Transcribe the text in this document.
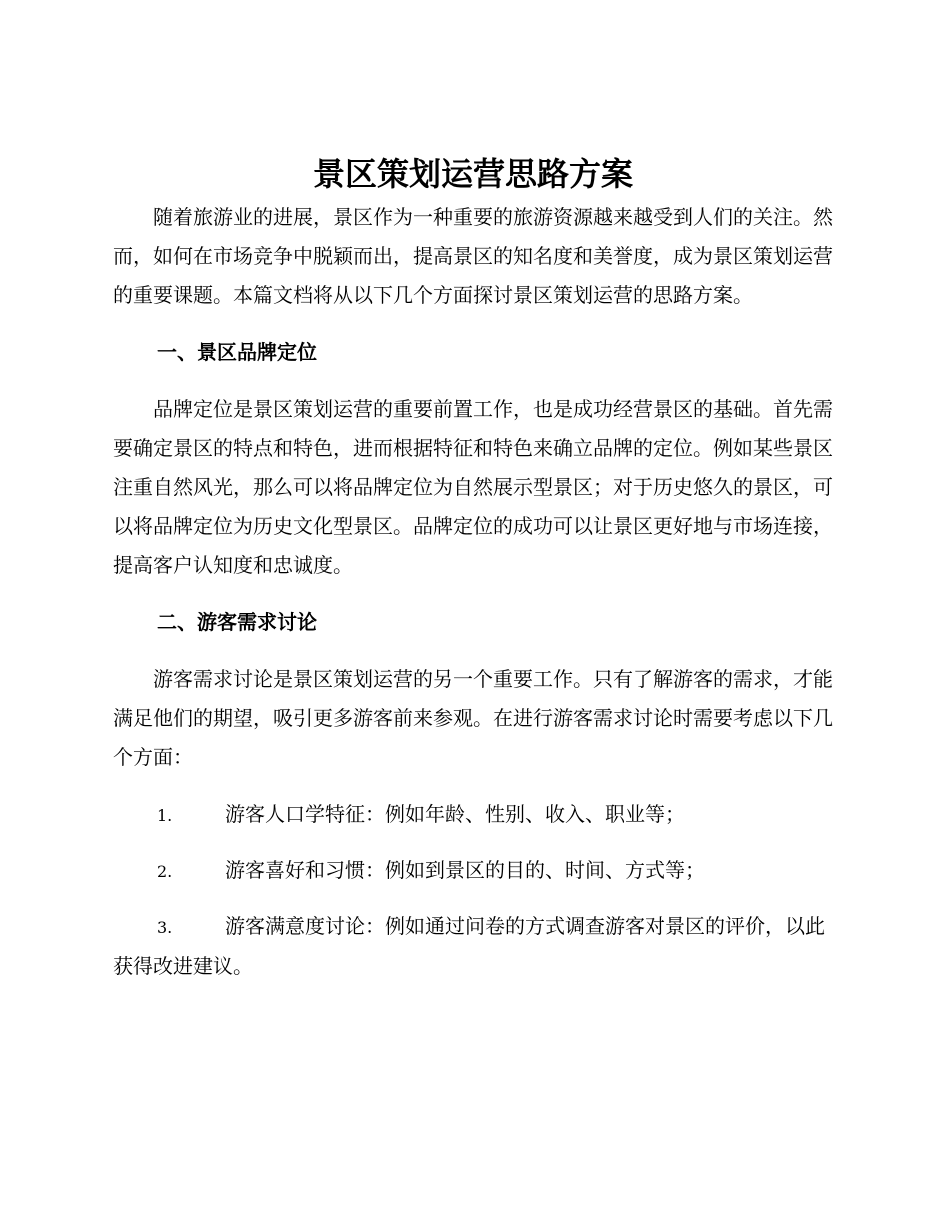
景区策划运营思路方案

随着旅游业的进展，景区作为一种重要的旅游资源越来越受到人们的关注。然而，如何在市场竞争中脱颖而出，提高景区的知名度和美誉度，成为景区策划运营的重要课题。本篇文档将从以下几个方面探讨景区策划运营的思路方案。

一、景区品牌定位

品牌定位是景区策划运营的重要前置工作，也是成功经营景区的基础。首先需要确定景区的特点和特色，进而根据特征和特色来确立品牌的定位。例如某些景区注重自然风光，那么可以将品牌定位为自然展示型景区；对于历史悠久的景区，可以将品牌定位为历史文化型景区。品牌定位的成功可以让景区更好地与市场连接，提高客户认知度和忠诚度。

二、游客需求讨论

游客需求讨论是景区策划运营的另一个重要工作。只有了解游客的需求，才能满足他们的期望，吸引更多游客前来参观。在进行游客需求讨论时需要考虑以下几个方面：

1.	游客人口学特征：例如年龄、性别、收入、职业等；
2.	游客喜好和习惯：例如到景区的目的、时间、方式等；
3.	游客满意度讨论：例如通过问卷的方式调查游客对景区的评价，以此获得改进建议。
